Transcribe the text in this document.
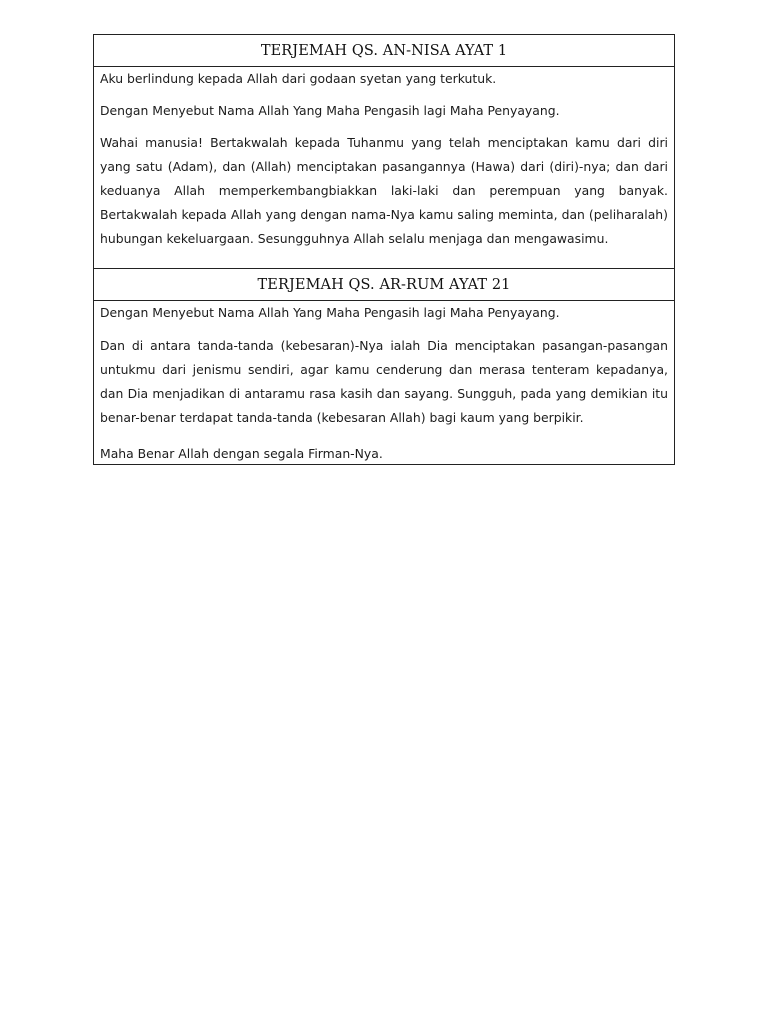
TERJEMAH QS. AN-NISA AYAT 1

Aku berlindung kepada Allah dari godaan syetan yang terkutuk.

Dengan Menyebut Nama Allah Yang Maha Pengasih lagi Maha Penyayang.

Wahai manusia! Bertakwalah kepada Tuhanmu yang telah menciptakan kamu dari diri yang satu (Adam), dan (Allah) menciptakan pasangannya (Hawa) dari (diri)-nya; dan dari keduanya Allah memperkembangbiakkan laki-laki dan perempuan yang banyak. Bertakwalah kepada Allah yang dengan nama-Nya kamu saling meminta, dan (peliharalah) hubungan kekeluargaan. Sesungguhnya Allah selalu menjaga dan mengawasimu.

TERJEMAH QS. AR-RUM AYAT 21

Dengan Menyebut Nama Allah Yang Maha Pengasih lagi Maha Penyayang.

Dan di antara tanda-tanda (kebesaran)-Nya ialah Dia menciptakan pasangan-pasangan untukmu dari jenismu sendiri, agar kamu cenderung dan merasa tenteram kepadanya, dan Dia menjadikan di antaramu rasa kasih dan sayang. Sungguh, pada yang demikian itu benar-benar terdapat tanda-tanda (kebesaran Allah) bagi kaum yang berpikir.

Maha Benar Allah dengan segala Firman-Nya.
